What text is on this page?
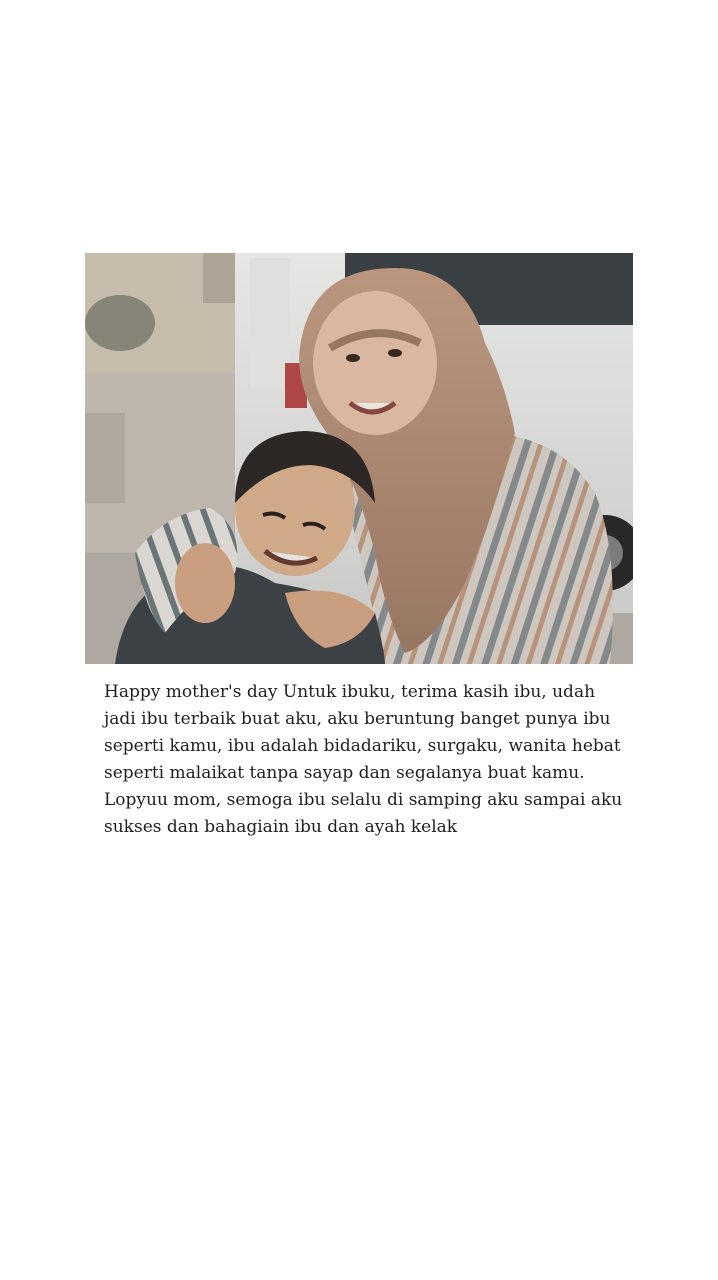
Happy mother's day Untuk ibuku, terima kasih ibu, udah jadi ibu terbaik buat aku, aku beruntung banget punya ibu seperti kamu, ibu adalah bidadariku, surgaku, wanita hebat seperti malaikat tanpa sayap dan segalanya buat kamu. Lopyuu mom, semoga ibu selalu di samping aku sampai aku sukses dan bahagiain ibu dan ayah kelak
